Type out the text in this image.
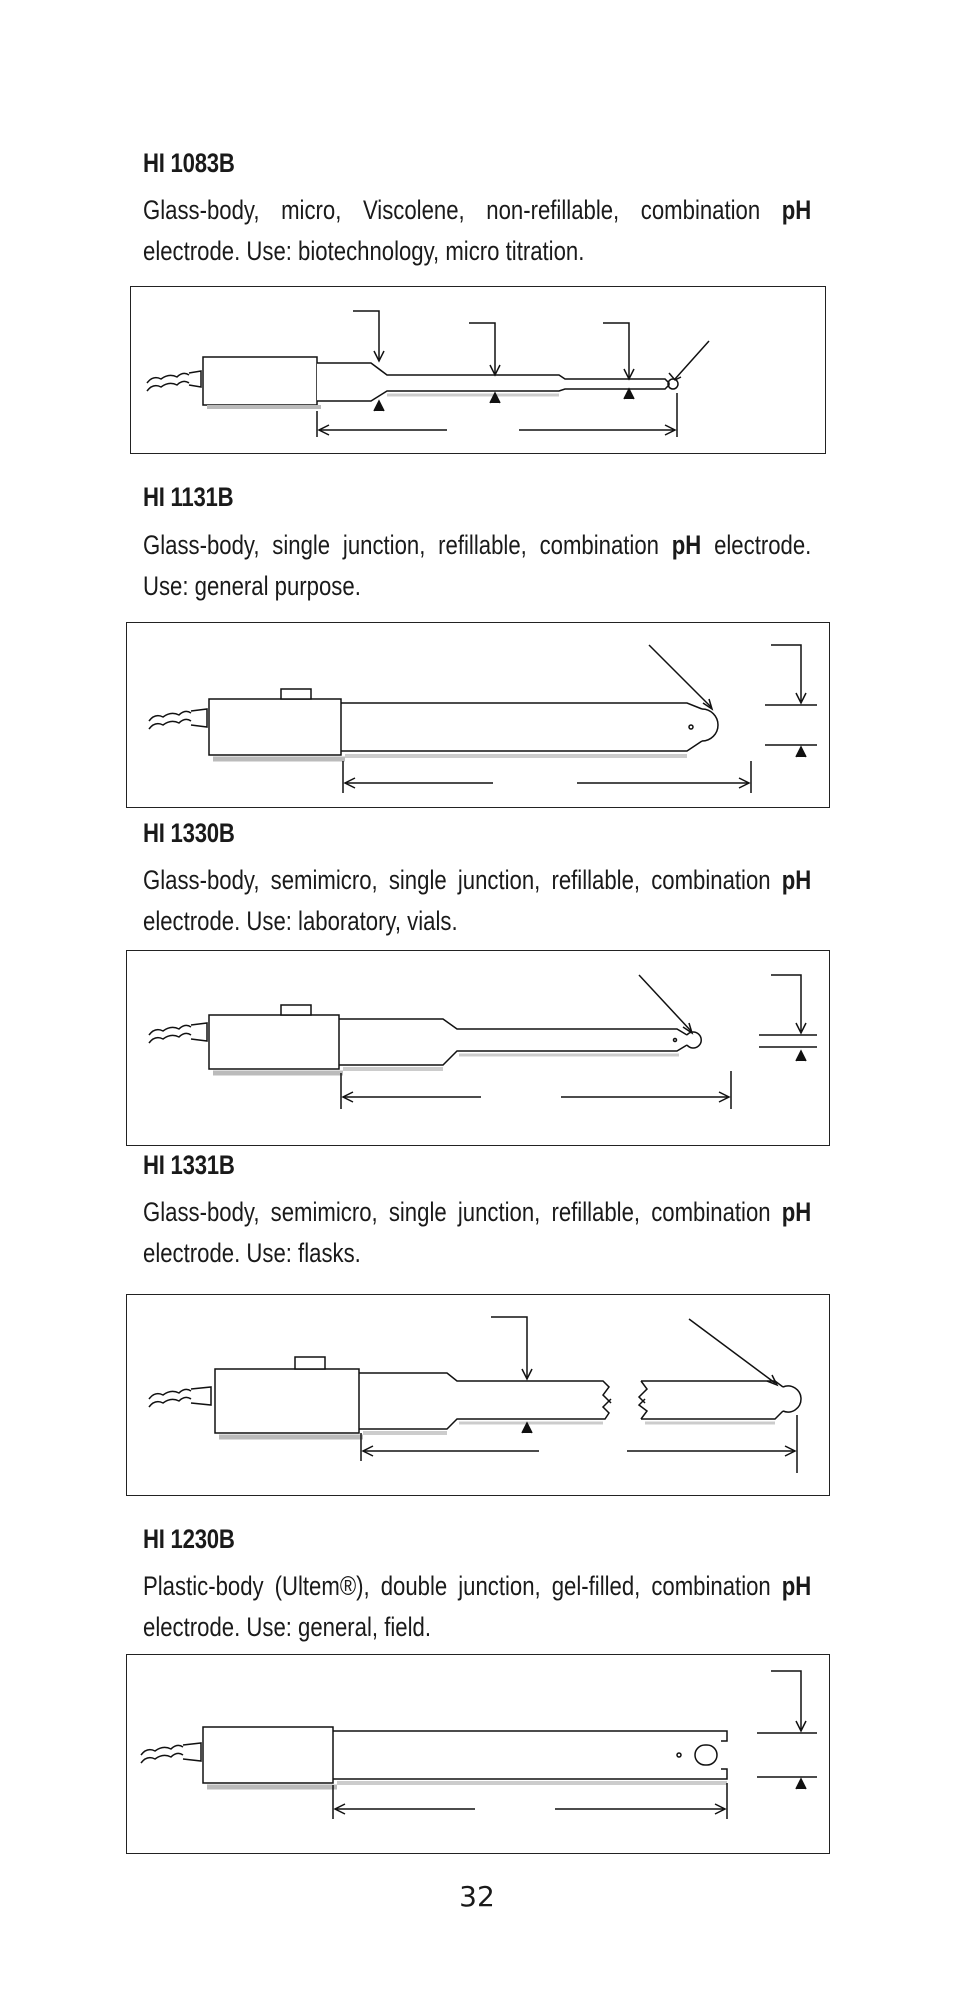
HI 1083B

Glass-body, micro, Viscolene, non-refillable, combination pH electrode. Use: biotechnology, micro titration.

HI 1131B

Glass-body, single junction, refillable, combination pH electrode. Use: general purpose.

HI 1330B

Glass-body, semimicro, single junction, refillable, combination pH electrode. Use: laboratory, vials.

HI 1331B

Glass-body, semimicro, single junction, refillable, combination pH electrode. Use: flasks.

HI 1230B

Plastic-body (Ultem®), double junction, gel-filled, combination pH electrode. Use: general, field.

32
